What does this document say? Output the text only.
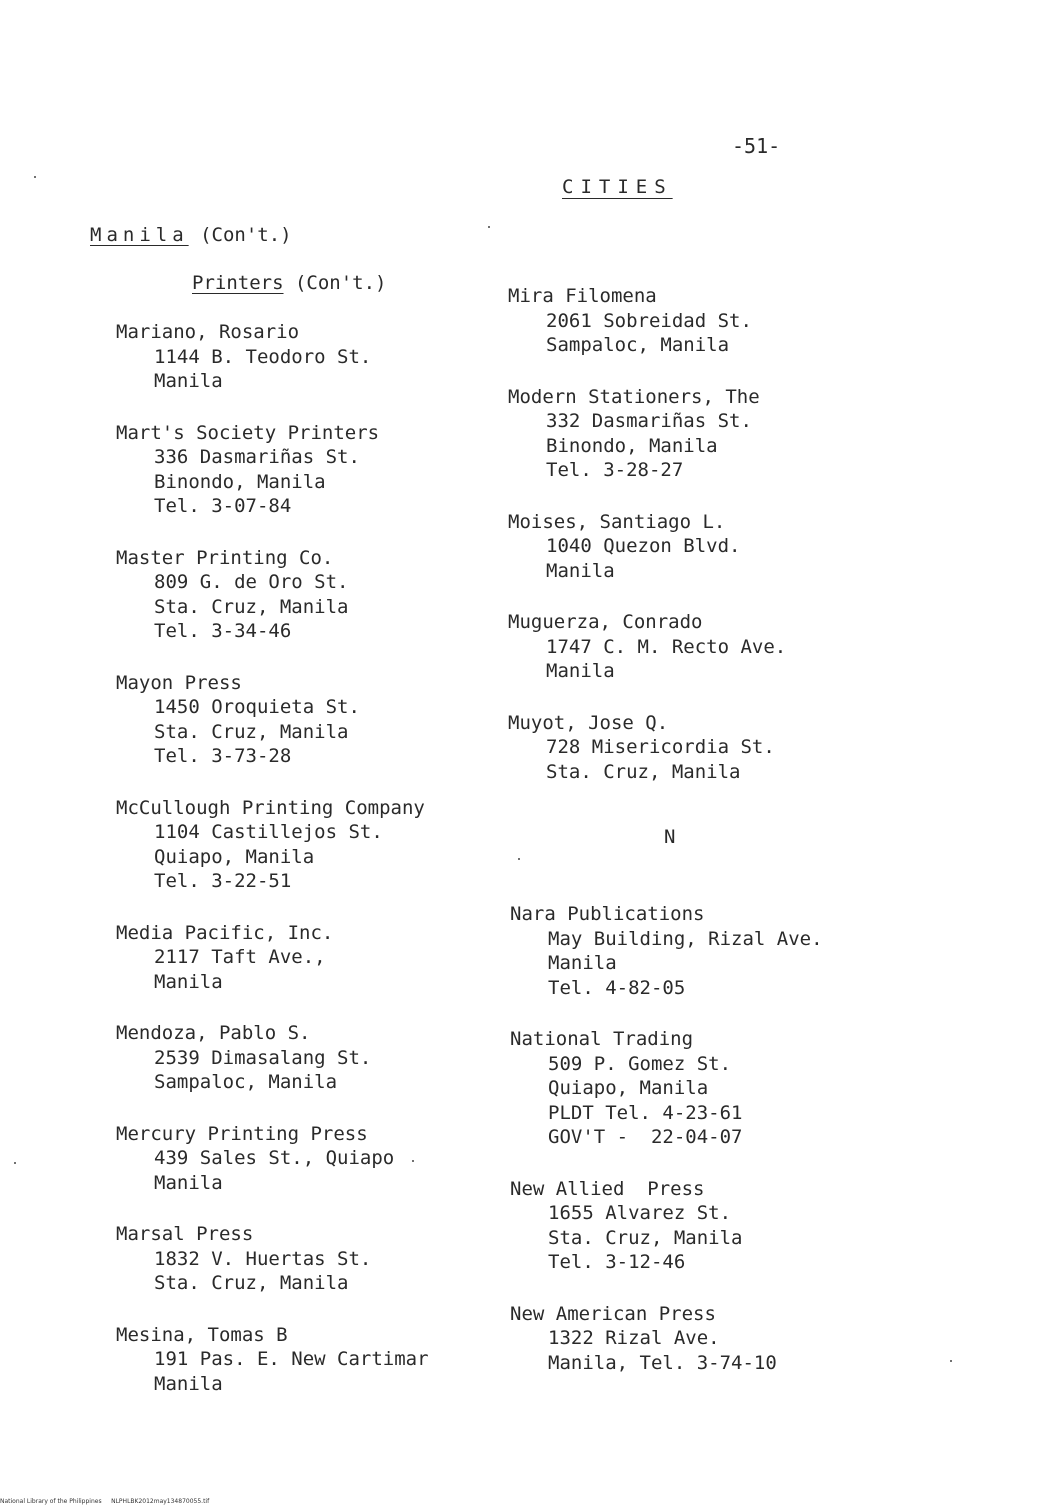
-51-
CITIES
Manila (Con't.)
Printers (Con't.)
Mariano, Rosario
1144 B. Teodoro St.
Manila
Mart's Society Printers
336 Dasmariñas St.
Binondo, Manila
Tel. 3-07-84
Master Printing Co.
809 G. de Oro St.
Sta. Cruz, Manila
Tel. 3-34-46
Mayon Press
1450 Oroquieta St.
Sta. Cruz, Manila
Tel. 3-73-28
McCullough Printing Company
1104 Castillejos St.
Quiapo, Manila
Tel. 3-22-51
Media Pacific, Inc.
2117 Taft Ave.,
Manila
Mendoza, Pablo S.
2539 Dimasalang St.
Sampaloc, Manila
Mercury Printing Press
439 Sales St., Quiapo
Manila
Marsal Press
1832 V. Huertas St.
Sta. Cruz, Manila
Mesina, Tomas B
191 Pas. E. New Cartimar
Manila
Mira Filomena
2061 Sobreidad St.
Sampaloc, Manila
Modern Stationers, The
332 Dasmariñas St.
Binondo, Manila
Tel. 3-28-27
Moises, Santiago L.
1040 Quezon Blvd.
Manila
Muguerza, Conrado
1747 C. M. Recto Ave.
Manila
Muyot, Jose Q.
728 Misericordia St.
Sta. Cruz, Manila
N
Nara Publications
May Building, Rizal Ave.
Manila
Tel. 4-82-05
National Trading
509 P. Gomez St.
Quiapo, Manila
PLDT Tel. 4-23-61
GOV'T -  22-04-07
New Allied  Press
1655 Alvarez St.
Sta. Cruz, Manila
Tel. 3-12-46
New American Press
1322 Rizal Ave.
Manila, Tel. 3-74-10
National Library of the Philippines     NLPHLBK2012may134870055.tif
